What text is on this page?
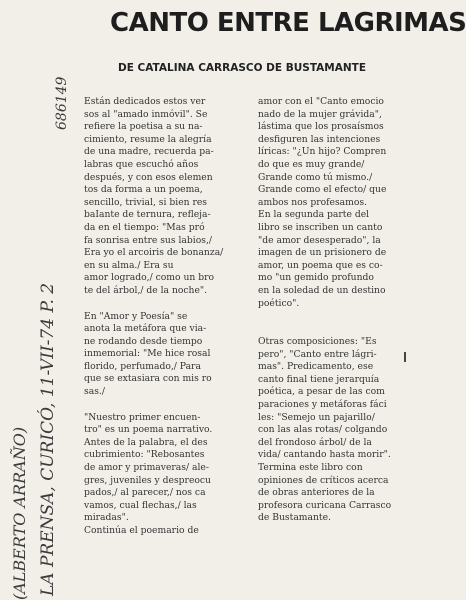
CANTO ENTRE LAGRIMAS
DE CATALINA CARRASCO DE BUSTAMANTE

Están dedicados estos ver

sos al "amado inmóvil". Se

refiere la poetisa a su na-

cimiento, resume la alegría

de una madre, recuerda pa-

labras que escuchó años

después, y con esos elemen

tos da forma a un poema,

sencillo, trivial, si bien res

baIante de ternura, refleja-

da en el tiempo: "Mas pró

fa sonrisa entre sus labios,/

Era yo el arcoiris de bonanza/

en su alma./ Era su

amor logrado,/ como un bro

te del árbol,/ de la noche".

En "Amor y Poesía" se

anota la metáfora que via-

ne rodando desde tiempo

inmemorial: "Me hice rosal

florido, perfumado,/ Para

que se extasiara con mis ro

sas./

"Nuestro primer encuen-

tro" es un poema narrativo.

Antes de la palabra, el des

cubrimiento: "Rebosantes

de amor y primaveras/ ale-

gres, juveniles y despreocu

pados,/ al parecer,/ nos ca

vamos, cual flechas,/ las

miradas".

Continúa el poemario de

amor con el "Canto emocio

nado de la mujer grávida",

lástima que los prosaísmos

desfiguren las intenciones

líricas: "¿Un hijo? Compren

do que es muy grande/

Grande como tú mismo./

Grande como el efecto/ que

ambos nos profesamos.

En la segunda parte del

libro se inscriben un canto

"de amor desesperado", la

imagen de un prisionero de

amor, un poema que es co-

mo "un gemido profundo

en la soledad de un destino

poético".

Otras composiciones: "Es

pero", "Canto entre lágri-

mas". Predicamento, ese

canto final tiene jerarquía

poética, a pesar de las com

paraciones y metáforas fáci

les: "Semejo un pajarillo/

con las alas rotas/ colgando

del frondoso árbol/ de la

vida/ cantando hasta morir".

Termina este libro con

opiniones de críticos acerca

de obras anteriores de la

profesora curicana Carrasco

de Bustamante.

(ALBERTO ARRAÑO) LA PRENSA, CURICÓ, 11-VII-74 P. 2
686149
